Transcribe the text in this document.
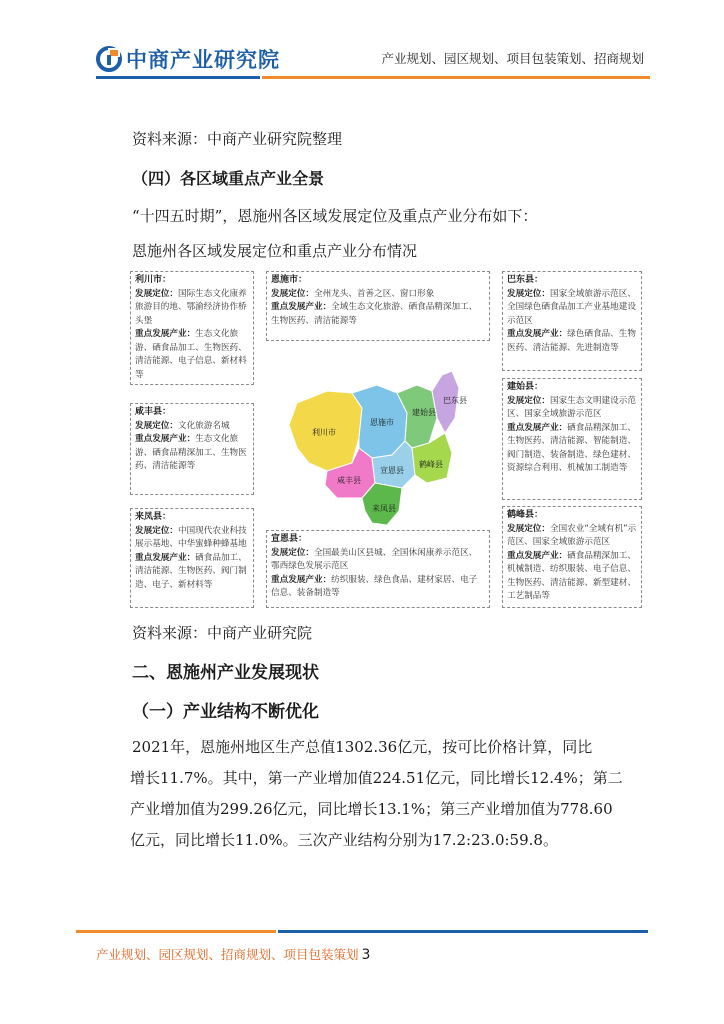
中商产业研究院	产业规划、园区规划、项目包装策划、招商规划
资料来源：中商产业研究院整理
（四）各区域重点产业全景
“十四五时期”，恩施州各区域发展定位及重点产业分布如下：
恩施州各区域发展定位和重点产业分布情况
利川市：
发展定位：国际生态文化康养旅游目的地、鄂渝经济协作桥头堡
重点发展产业：生态文化旅游、硒食品加工、生物医药、清洁能源、电子信息、新材料等
恩施市：
发展定位：全州龙头、首善之区、窗口形象
重点发展产业：全域生态文化旅游、硒食品精深加工、生物医药、清洁能源等
巴东县：
发展定位：国家全域旅游示范区、全国绿色硒食品加工产业基地建设示范区
重点发展产业：绿色硒食品、生物医药、清洁能源、先进制造等
咸丰县：
发展定位：文化旅游名城
重点发展产业：生态文化旅游、硒食品精深加工、生物医药、清洁能源等
建始县：
发展定位：国家生态文明建设示范区、国家全域旅游示范区
重点发展产业：硒食品精深加工、生物医药、清洁能源、智能制造、阀门制造、装备制造、绿色建材、资源综合利用、机械加工制造等
来凤县：
发展定位：中国现代农业科技展示基地、中华蜜蜂种蜂基地
重点发展产业：硒食品加工、清洁能源、生物医药、阀门制造、电子、新材料等
宣恩县：
发展定位：全国最美山区县城、全国休闲康养示范区、鄂西绿色发展示范区
重点发展产业：纺织服装、绿色食品、建材家居、电子信息、装备制造等
鹤峰县：
发展定位：全国农业“全域有机”示范区、国家全域旅游示范区
重点发展产业：硒食品精深加工、机械制造、纺织服装、电子信息、生物医药、清洁能源、新型建材、工艺制品等
利川市
恩施市
建始县
巴东县
咸丰县
宣恩县
鹤峰县
来凤县
资料来源：中商产业研究院
二、恩施州产业发展现状
（一）产业结构不断优化

2021年，恩施州地区生产总值1302.36亿元，按可比价格计算，同比

增长11.7%。其中，第一产业增加值224.51亿元，同比增长12.4%；第二

产业增加值为299.26亿元，同比增长13.1%；第三产业增加值为778.60

亿元，同比增长11.0%。三次产业结构分别为17.2:23.0:59.8。

产业规划、园区规划、招商规划、项目包装策划 3
